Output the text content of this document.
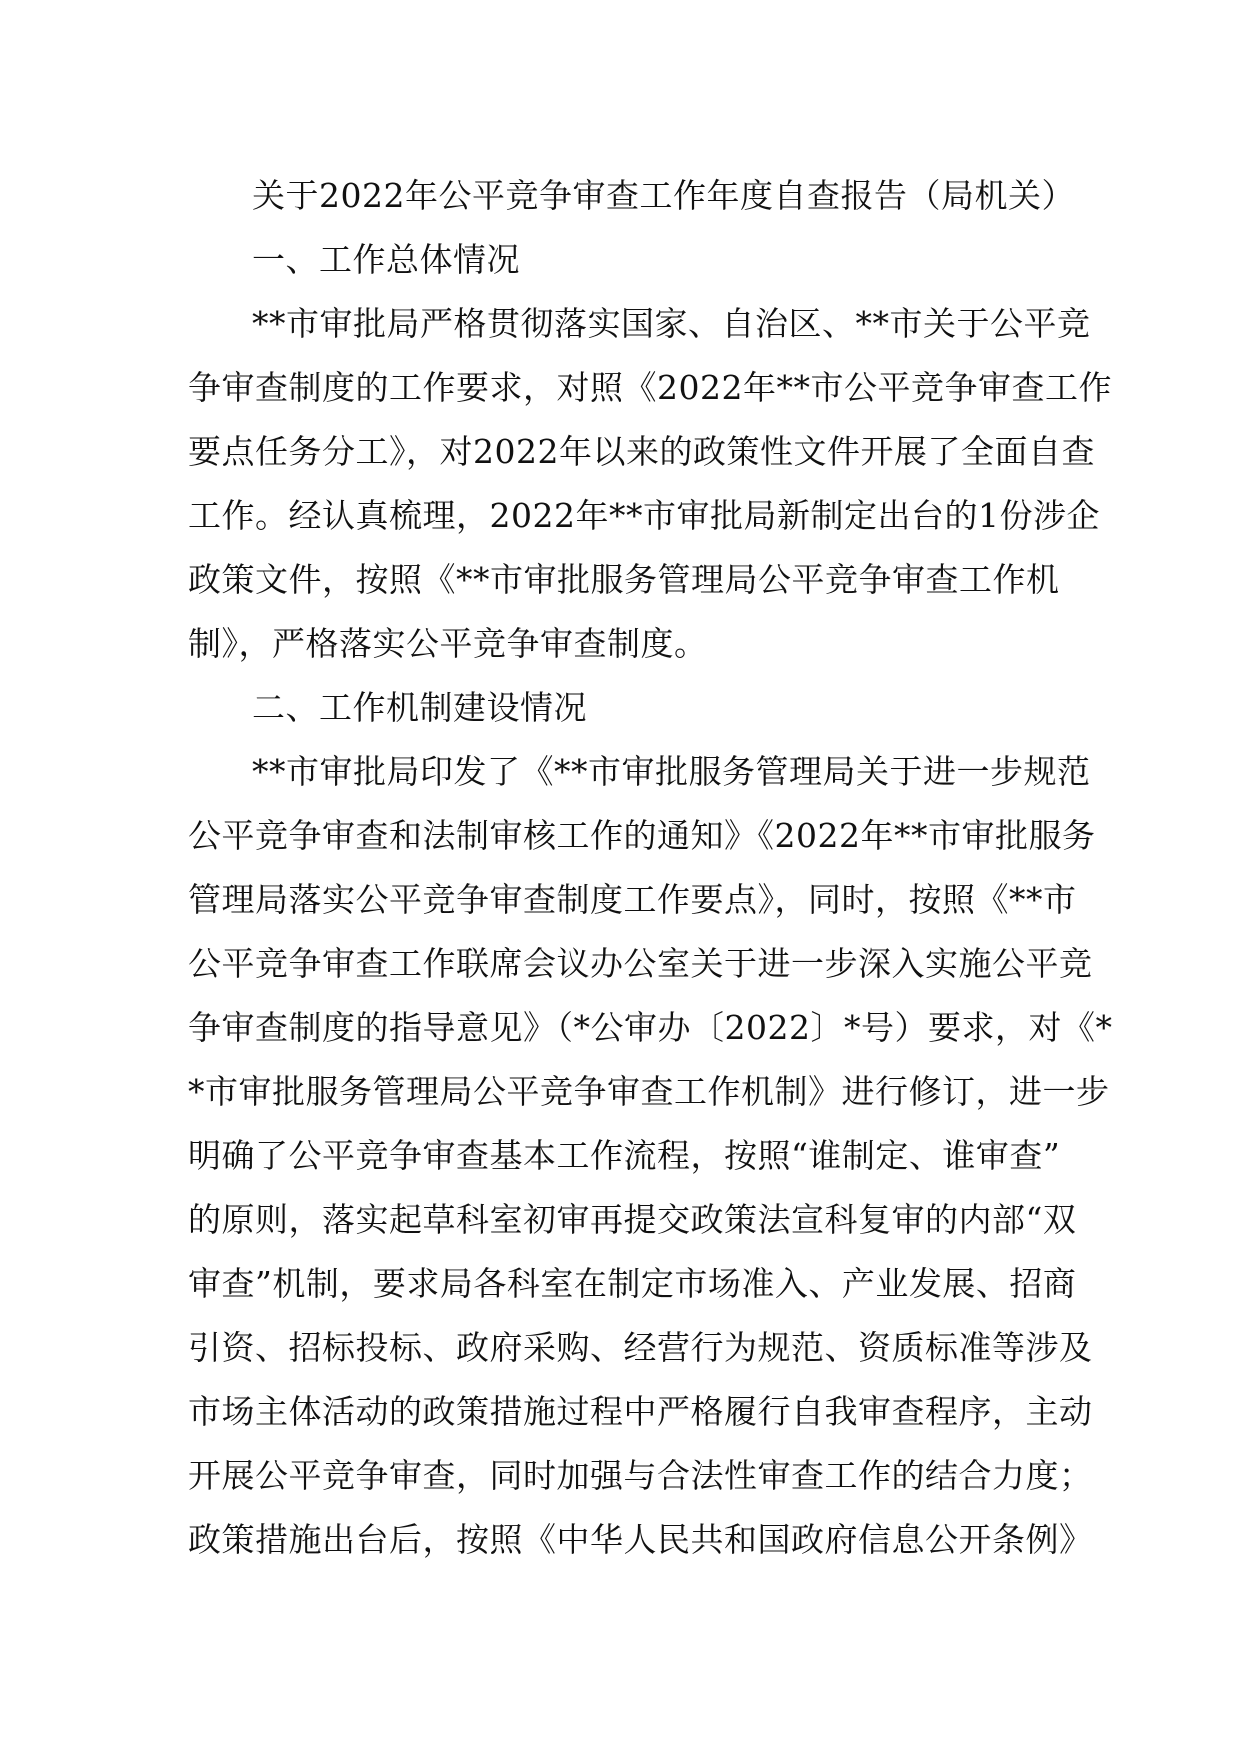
关于2022年公平竞争审查工作年度自查报告（局机关）
一、工作总体情况
**市审批局严格贯彻落实国家、自治区、**市关于公平竞
争审查制度的工作要求，对照《2022年**市公平竞争审查工作
要点任务分工》，对2022年以来的政策性文件开展了全面自查
工作。经认真梳理，2022年**市审批局新制定出台的1份涉企
政策文件，按照《**市审批服务管理局公平竞争审查工作机
制》，严格落实公平竞争审查制度。
二、工作机制建设情况
**市审批局印发了《**市审批服务管理局关于进一步规范
公平竞争审查和法制审核工作的通知》《2022年**市审批服务
管理局落实公平竞争审查制度工作要点》，同时，按照《**市
公平竞争审查工作联席会议办公室关于进一步深入实施公平竞
争审查制度的指导意见》（*公审办〔2022〕*号）要求，对《*
*市审批服务管理局公平竞争审查工作机制》进行修订，进一步
明确了公平竞争审查基本工作流程，按照“谁制定、谁审查”
的原则，落实起草科室初审再提交政策法宣科复审的内部“双
审查”机制，要求局各科室在制定市场准入、产业发展、招商
引资、招标投标、政府采购、经营行为规范、资质标准等涉及
市场主体活动的政策措施过程中严格履行自我审查程序，主动
开展公平竞争审查，同时加强与合法性审查工作的结合力度；
政策措施出台后，按照《中华人民共和国政府信息公开条例》
